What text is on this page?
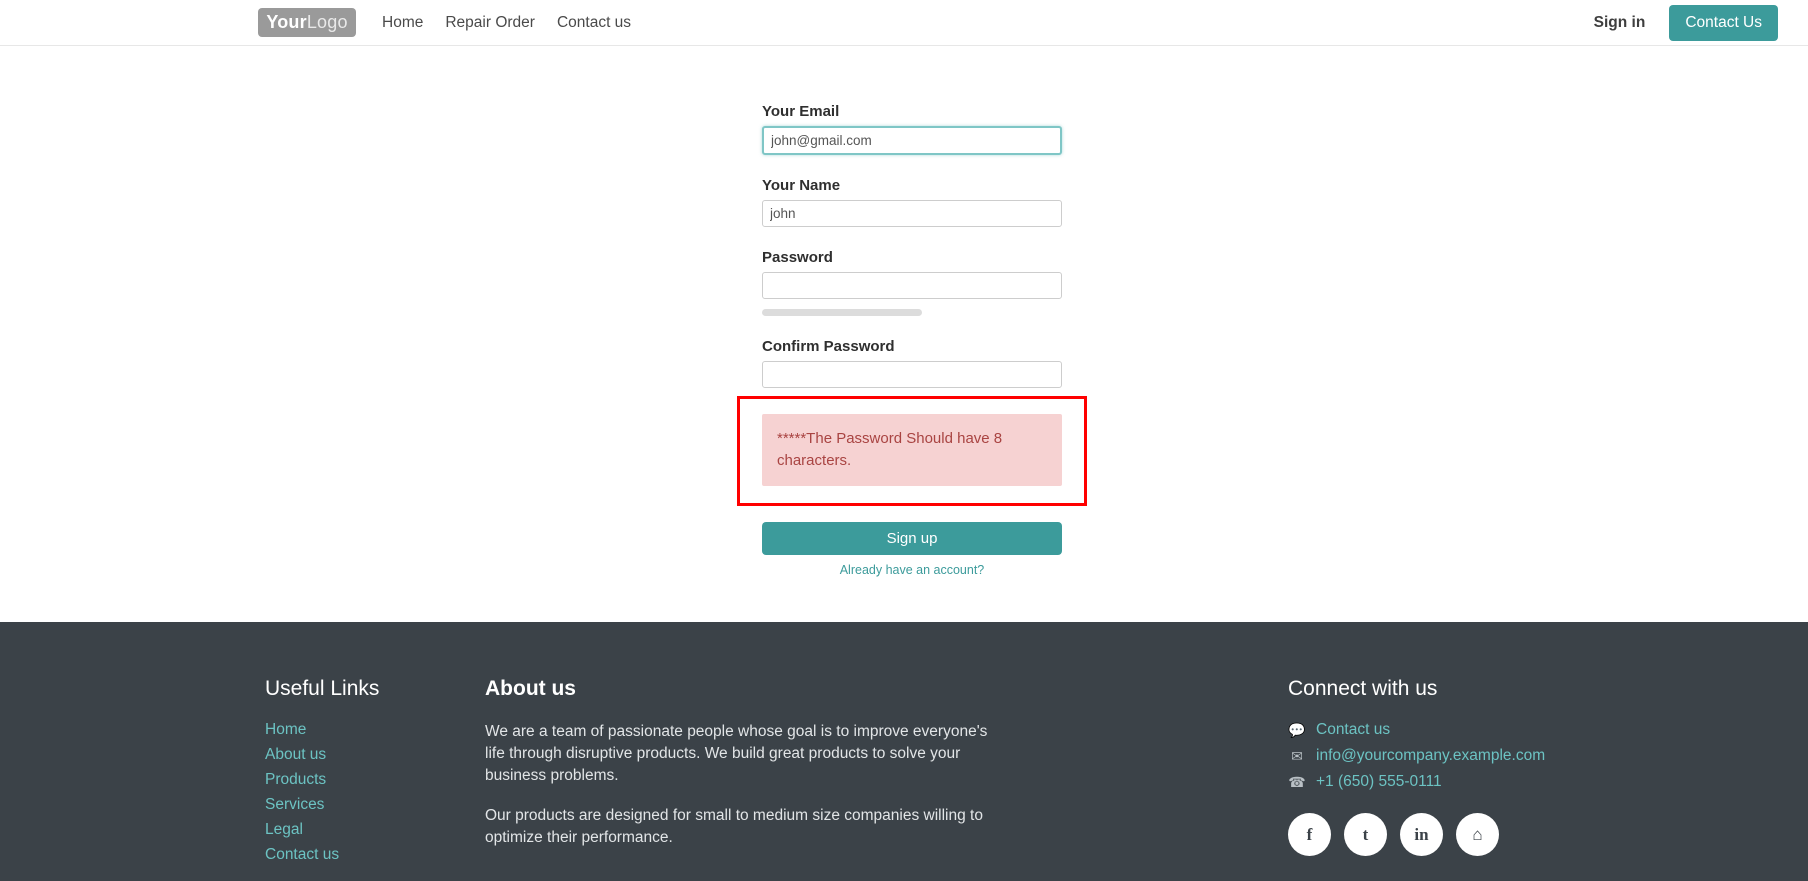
Your Logo Home Repair Order Contact us	Sign in	Contact Us
Your Email
john@gmail.com
Your Name
john
Password
Confirm Password
*****The Password Should have 8 characters.
Sign up
Already have an account?
Useful Links
Home
About us
Products
Services
Legal
Contact us
About us

We are a team of passionate people whose goal is to improve everyone's life through disruptive products. We build great products to solve your business problems.

Our products are designed for small to medium size companies willing to optimize their performance.

Connect with us
💬 Contact us
✉ info@yourcompany.example.com
☎ +1 (650) 555-0111
f	t	in	⌂
